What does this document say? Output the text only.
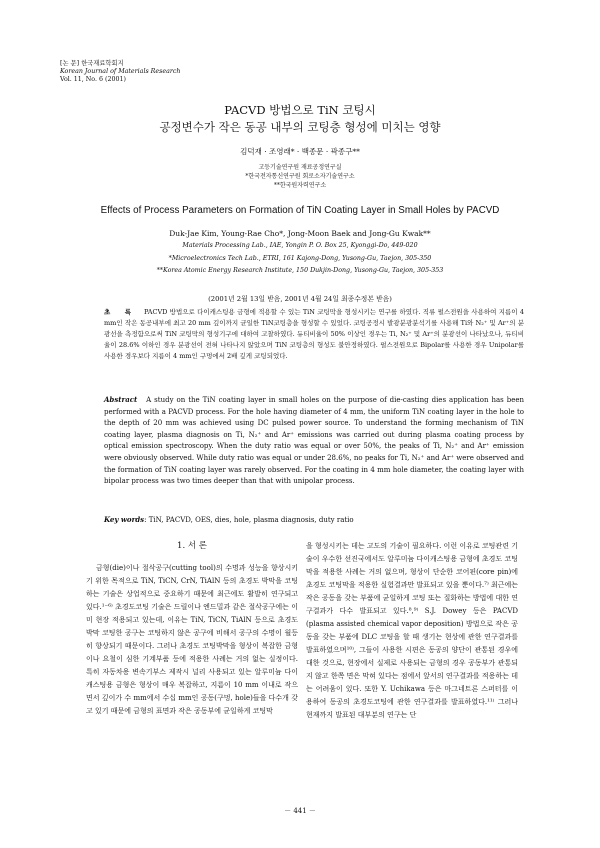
[논 문] 한국재료학회지
Korean Journal of Materials Research
Vol. 11, No. 6 (2001)
PACVD 방법으로 TiN 코팅시
공정변수가 작은 동공 내부의 코팅층 형성에 미치는 영향
김덕재 · 조영래* · 백종문 · 곽종구**
고등기술연구원 재료공정연구실
*한국전자통신연구원 회로소자기술연구소
**한국원자력연구소
Effects of Process Parameters on Formation of TiN Coating Layer in Small Holes by PACVD
Duk-Jae Kim, Young-Rae Cho*, Jong-Moon Baek and Jong-Gu Kwak**
Materials Processing Lab., IAE, Yongin P. O. Box 25, Kyonggi-Do, 449-020
*Microelectronics Tech Lab., ETRI, 161 Kajong-Dong, Yusong-Gu, Taejon, 305-350
**Korea Atomic Energy Research Institute, 150 Dukjin-Dong, Yusong-Gu, Taejon, 305-353
(2001년 2월 13일 받음, 2001년 4월 24일 최종수정본 받음)
초 록 PACVD 방법으로 다이캐스팅용 금형에 적용할 수 있는 TiN 코팅막을 형성시키는 연구를 하였다. 직류 펄스전원을 사용하여 지름이 4 mm인 작은 동공내부에 최고 20 mm 깊이까지 균일한 TiN코팅층을 형성할 수 있었다. 코팅공정시 발광분광분석기를 사용해 Ti와 N₂⁺ 및 Ar⁺의 분광선을 측정함으로써 TiN 코팅막의 형성기구에 대하여 고찰하였다. 듀티비율이 50% 이상인 경우는 Ti, N₂⁺ 및 Ar⁺의 분광선이 나타났으나, 듀티비율이 28.6% 이하인 경우 분광선이 전혀 나타나지 않았으며 TiN 코팅층의 형성도 불안정하였다. 펄스전원으로 Bipolar를 사용한 경우 Unipolar를 사용한 경우보다 지름이 4 mm인 구멍에서 2배 깊게 코팅되었다.
Abstract A study on the TiN coating layer in small holes on the purpose of die-casting dies application has been performed with a PACVD process. For the hole having diameter of 4 mm, the uniform TiN coating layer in the hole to the depth of 20 mm was achieved using DC pulsed power source. To understand the forming mechanism of TiN coating layer, plasma diagnosis on Ti, N₂⁺ and Ar⁺ emissions was carried out during plasma coating process by optical emission spectroscopy. When the duty ratio was equal or over 50%, the peaks of Ti, N₂⁺ and Ar⁺ emission were obviously observed. While duty ratio was equal or under 28.6%, no peaks for Ti, N₂⁺ and Ar⁺ were observed and the formation of TiN coating layer was rarely observed. For the coating in 4 mm hole diameter, the coating layer with bipolar process was two times deeper than that with unipolar process.
Key words: TiN, PACVD, OES, dies, hole, plasma diagnosis, duty ratio
1. 서 론

금형(die)이나 절삭공구(cutting tool)의 수명과 성능을 향상시키기 위한 목적으로 TiN, TiCN, CrN, TiAlN 등의 초경도 박막을 코팅하는 기술은 상업적으로 중요하기 때문에 최근에도 활발히 연구되고 있다.¹⁻⁶⁾ 초경도코팅 기술은 드릴이나 엔드밀과 같은 절삭공구에는 이미 현장 적용되고 있는데, 이유는 TiN, TiCN, TiAlN 등으로 초경도 박막 코팅한 공구는 코팅하지 않은 공구에 비해서 공구의 수명이 월등히 향상되기 때문이다. 그러나 초경도 코팅박막을 형상이 복잡한 금형이나 요철이 심한 기계부품 등에 적용한 사례는 거의 없는 실정이다. 특히 자동차용 변속기부스 제작시 널리 사용되고 있는 알루미늄 다이캐스팅용 금형은 형상이 매우 복잡하고, 지름이 10 mm 이내로 작으면서 깊이가 수 mm에서 수십 mm인 공동(구멍, hole)들을 다수개 갖고 있기 때문에 금형의 표면과 작은 공동부에 균일하게 코팅막

을 형성시키는 데는 고도의 기술이 필요하다. 이런 이유로 코팅관련 기술이 우수한 선진국에서도 알루미늄 다이캐스팅용 금형에 초경도 코팅막을 적용한 사례는 거의 없으며, 형상이 단순한 코어핀(core pin)에 초경도 코팅막을 적용한 실험결과만 발표되고 있을 뿐이다.⁷⁾ 최근에는 작은 공동을 갖는 부품에 균일하게 코팅 또는 질화하는 방법에 대한 연구결과가 다수 발표되고 있다.⁸,⁹⁾ S.J. Dowey 등은 PACVD (plasma assisted chemical vapor deposition) 방법으로 작은 공동을 갖는 부품에 DLC 코팅을 할 때 생기는 현상에 관한 연구결과를 발표하였으며¹⁰⁾, 그들이 사용한 시편은 동공의 양단이 관통된 경우에 대한 것으로, 현장에서 실제로 사용되는 금형의 경우 공동부가 관통되지 않고 한쪽 면은 막혀 있다는 점에서 앞서의 연구결과를 적용하는 데는 어려움이 있다. 또한 Y. Uchikawa 등은 마그네트론 스퍼터를 이용하여 동공의 초경도코팅에 관한 연구결과를 발표하였다.¹¹⁾ 그러나 현재까지 발표된 대부분의 연구는 단

－ 441 －
